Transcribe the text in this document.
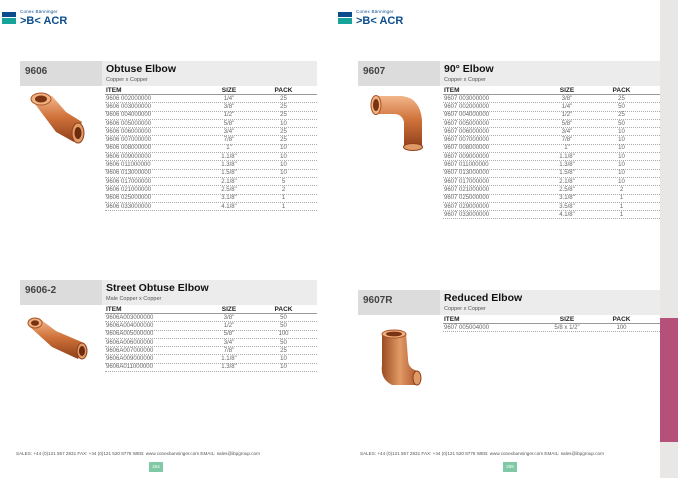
Conex Bänninger
>B< ACR
9606	Obtuse Elbow
Copper x Copper
ITEM	SIZE	PACK
9606 002000000	1/4"	25
9606 003000000	3/8"	25
9606 004000000	1/2"	25
9606 005000000	5/8"	10
9606 006000000	3/4"	25
9606 007000000	7/8"	25
9606 008000000	1"	10
9606 009000000	1.1/8"	10
9606 011000000	1.3/8"	10
9606 013000000	1.5/8"	10
9606 017000000	2.1/8"	5
9606 021000000	2.5/8"	2
9606 025000000	3.1/8"	1
9606 033000000	4.1/8"	1
9606-2	Street Obtuse Elbow
Male Copper x Copper
ITEM	SIZE	PACK
9606A003000000	3/8"	50
9606A004000000	1/2"	50
9606A005000000	5/8"	100
9606A006000000	3/4"	50
9606A007000000	7/8"	25
9606A009000000	1.1/8"	10
9606A011000000	1.3/8"	10
SALES: +44 (0)121 557 2831 FAX: +44 (0)121 520 8778 WEB: www.conexbanninger.com EMAIL: sales@ibpgroup.com
264
Conex Bänninger
>B< ACR
9607	90° Elbow
Copper x Copper
ITEM	SIZE	PACK
9607 003000000	3/8"	25
9607 002000000	1/4"	50
9607 004000000	1/2"	25
9607 005000000	5/8"	50
9607 006000000	3/4"	10
9607 007000000	7/8"	10
9607 008000000	1"	10
9607 009000000	1.1/8"	10
9607 011000000	1.3/8"	10
9607 013000000	1.5/8"	10
9607 017000000	2.1/8"	10
9607 021000000	2.5/8"	2
9607 025000000	3.1/8"	1
9607 029000000	3.5/8"	1
9607 033000000	4.1/8"	1
9607R	Reduced Elbow
Copper x Copper
ITEM	SIZE	PACK
9607 005004000	5/8 x 1/2"	100
SALES: +44 (0)121 557 2831 FAX: +44 (0)121 520 8778 WEB: www.conexbanninger.com EMAIL: sales@ibpgroup.com
265
